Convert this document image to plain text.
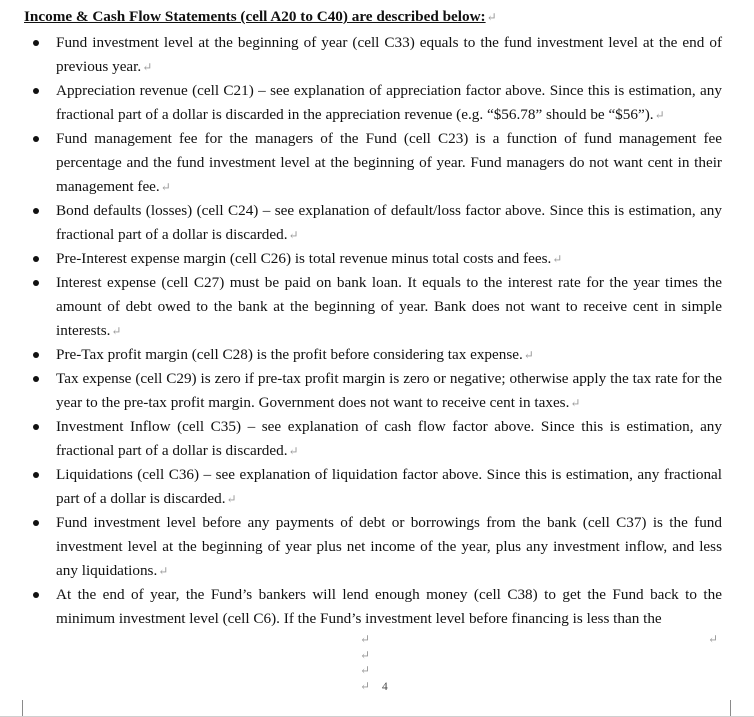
Income & Cash Flow Statements (cell A20 to C40) are described below:↵
Fund investment level at the beginning of year (cell C33) equals to the fund investment level at the end of previous year.↵
Appreciation revenue (cell C21) – see explanation of appreciation factor above. Since this is estimation, any fractional part of a dollar is discarded in the appreciation revenue (e.g. “$56.78” should be “$56”).↵
Fund management fee for the managers of the Fund (cell C23) is a function of fund management fee percentage and the fund investment level at the beginning of year. Fund managers do not want cent in their management fee.↵
Bond defaults (losses) (cell C24) – see explanation of default/loss factor above. Since this is estimation, any fractional part of a dollar is discarded.↵
Pre-Interest expense margin (cell C26) is total revenue minus total costs and fees.↵
Interest expense (cell C27) must be paid on bank loan. It equals to the interest rate for the year times the amount of debt owed to the bank at the beginning of year. Bank does not want to receive cent in simple interests.↵
Pre-Tax profit margin (cell C28) is the profit before considering tax expense.↵
Tax expense (cell C29) is zero if pre-tax profit margin is zero or negative; otherwise apply the tax rate for the year to the pre-tax profit margin. Government does not want to receive cent in taxes.↵
Investment Inflow (cell C35) – see explanation of cash flow factor above. Since this is estimation, any fractional part of a dollar is discarded.↵
Liquidations (cell C36) – see explanation of liquidation factor above. Since this is estimation, any fractional part of a dollar is discarded.↵
Fund investment level before any payments of debt or borrowings from the bank (cell C37) is the fund investment level at the beginning of year plus net income of the year, plus any investment inflow, and less any liquidations.↵
At the end of year, the Fund’s bankers will lend enough money (cell C38) to get the Fund back to the minimum investment level (cell C6). If the Fund’s investment level before financing is less than the
↵
↵
↵
↵
↵
4
